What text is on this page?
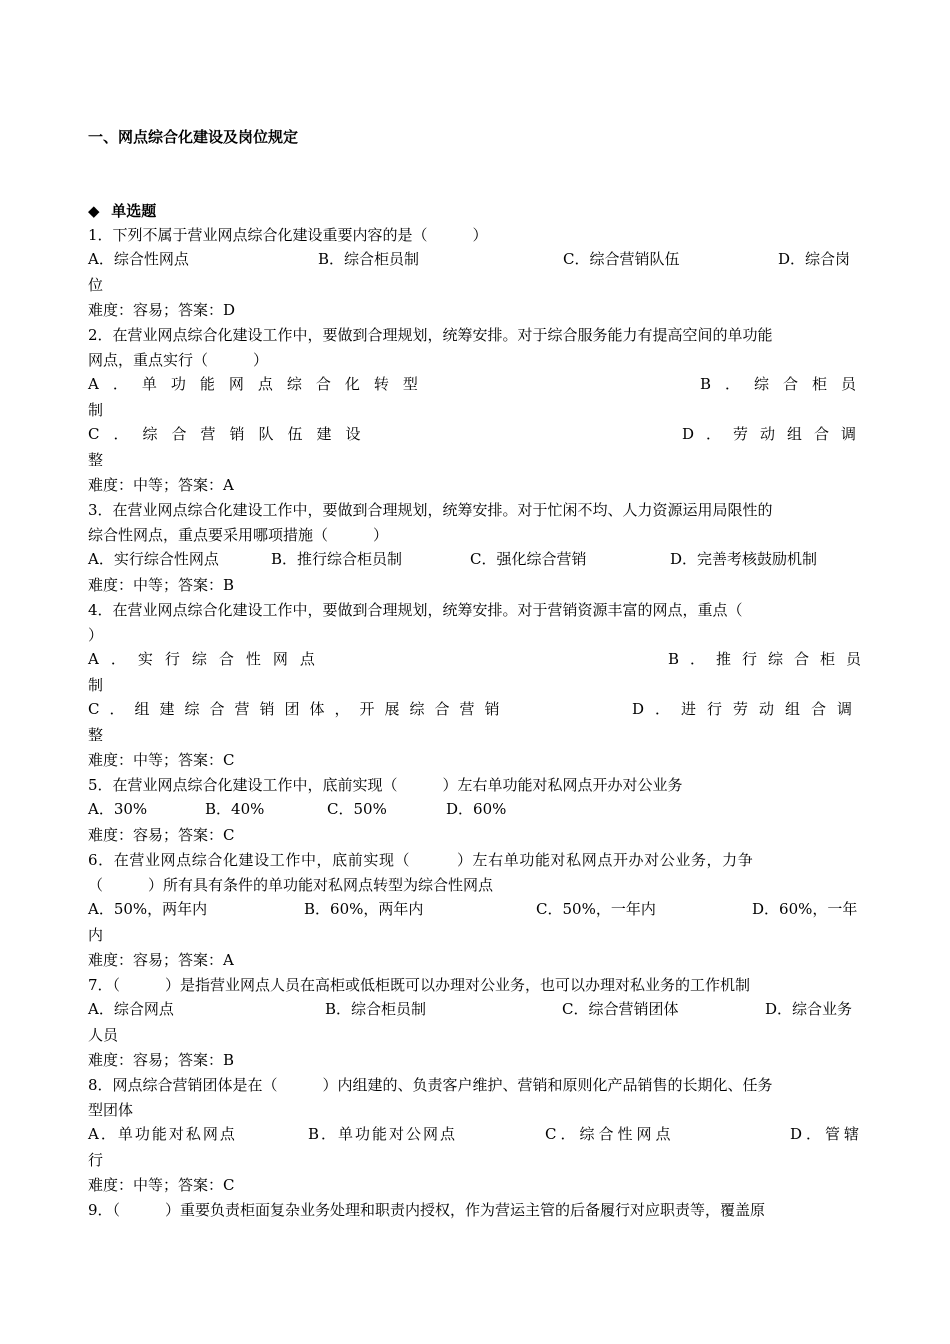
一、网点综合化建设及岗位规定
◆ 单选题
1．下列不属于营业网点综合化建设重要内容的是（　　　）
A．综合性网点	B．综合柜员制	C．综合营销队伍	D．综合岗
位
难度：容易；答案：D
2．在营业网点综合化建设工作中，要做到合理规划，统筹安排。对于综合服务能力有提高空间的单功能
网点，重点实行（　　　）
A．单功能网点综合化转型	B．综合柜员
制
C．综合营销队伍建设	D．劳动组合调
整
难度：中等；答案：A
3．在营业网点综合化建设工作中，要做到合理规划，统筹安排。对于忙闲不均、人力资源运用局限性的
综合性网点，重点要采用哪项措施（　　　）
A．实行综合性网点	B．推行综合柜员制	C．强化综合营销	D．完善考核鼓励机制
难度：中等；答案：B
4．在营业网点综合化建设工作中，要做到合理规划，统筹安排。对于营销资源丰富的网点，重点（
）
A．实行综合性网点	B．推行综合柜员
制
C．组建综合营销团体，开展综合营销	D．进行劳动组合调
整
难度：中等；答案：C
5．在营业网点综合化建设工作中，底前实现（　　　）左右单功能对私网点开办对公业务
A．30%	B．40%	C．50%	D．60%
难度：容易；答案：C
6．在营业网点综合化建设工作中，底前实现（　　　）左右单功能对私网点开办对公业务，力争
（　　　）所有具有条件的单功能对私网点转型为综合性网点
A．50%，两年内	B．60%，两年内	C．50%，一年内	D．60%，一年
内
难度：容易；答案：A
7．（　　　）是指营业网点人员在高柜或低柜既可以办理对公业务，也可以办理对私业务的工作机制
A．综合网点	B．综合柜员制	C．综合营销团体	D．综合业务
人员
难度：容易；答案：B
8．网点综合营销团体是在（　　　）内组建的、负责客户维护、营销和原则化产品销售的长期化、任务
型团体
A．单功能对私网点	B．单功能对公网点	C．综合性网点	D．管辖
行
难度：中等；答案：C
9．（　　　）重要负责柜面复杂业务处理和职责内授权，作为营运主管的后备履行对应职责等，覆盖原
